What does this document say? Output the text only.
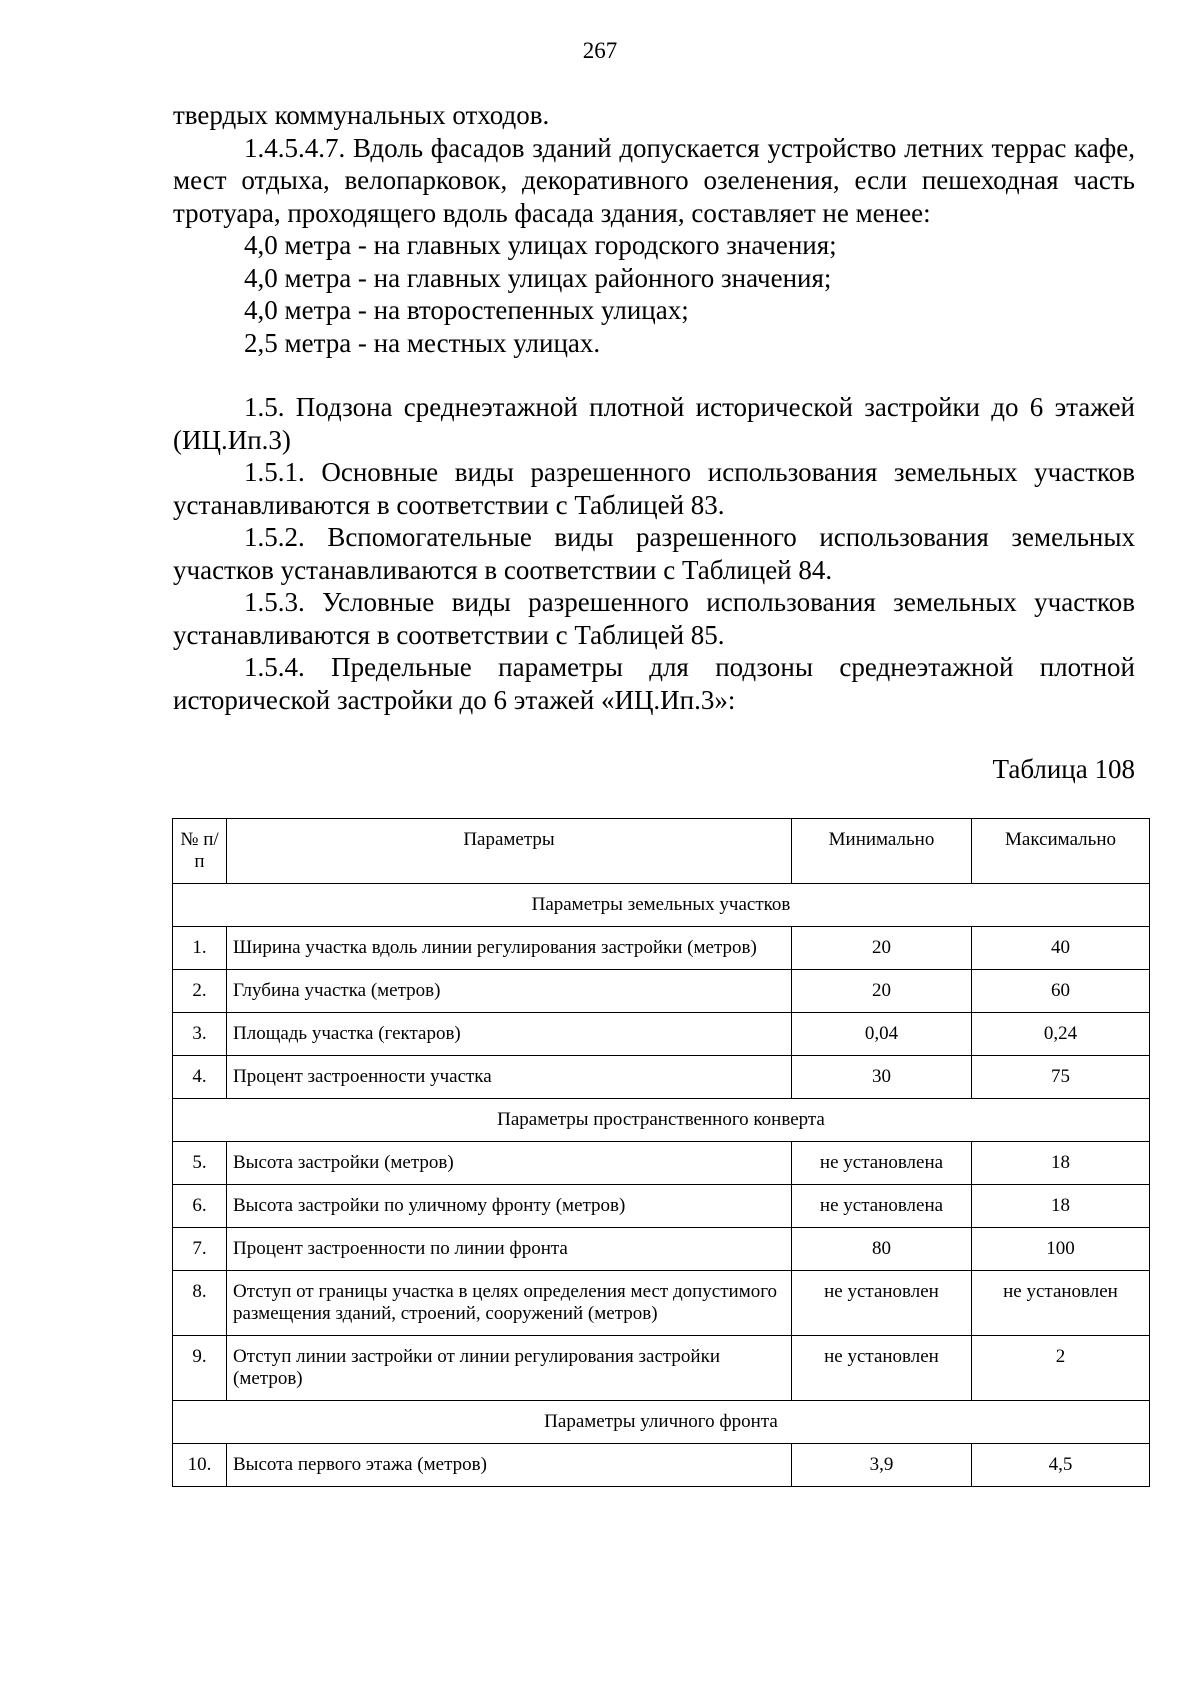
267

твердых коммунальных отходов.

1.4.5.4.7. Вдоль фасадов зданий допускается устройство летних террас кафе, мест отдыха, велопарковок, декоративного озеленения, если пешеходная часть тротуара, проходящего вдоль фасада здания, составляет не менее:

4,0 метра - на главных улицах городского значения;

4,0 метра - на главных улицах районного значения;

4,0 метра - на второстепенных улицах;

2,5 метра - на местных улицах.

1.5. Подзона среднеэтажной плотной исторической застройки до 6 этажей (ИЦ.Ип.3)

1.5.1. Основные виды разрешенного использования земельных участков устанавливаются в соответствии с Таблицей 83.

1.5.2. Вспомогательные виды разрешенного использования земельных участков устанавливаются в соответствии с Таблицей 84.

1.5.3. Условные виды разрешенного использования земельных участков устанавливаются в соответствии с Таблицей 85.

1.5.4. Предельные параметры для подзоны среднеэтажной плотной исторической застройки до 6 этажей «ИЦ.Ип.3»:

Таблица 108
№ п/п	Параметры	Минимально	Максимально
Параметры земельных участков			
1.	Ширина участка вдоль линии регулирования застройки (метров)	20	40
2.	Глубина участка (метров)	20	60
3.	Площадь участка (гектаров)	0,04	0,24
4.	Процент застроенности участка	30	75
Параметры пространственного конверта			
5.	Высота застройки (метров)	не установлена	18
6.	Высота застройки по уличному фронту (метров)	не установлена	18
7.	Процент застроенности по линии фронта	80	100
8.	Отступ от границы участка в целях определения мест допустимого размещения зданий, строений, сооружений (метров)	не установлен	не установлен
9.	Отступ линии застройки от линии регулирования застройки (метров)	не установлен	2
Параметры уличного фронта			
10.	Высота первого этажа (метров)	3,9	4,5
